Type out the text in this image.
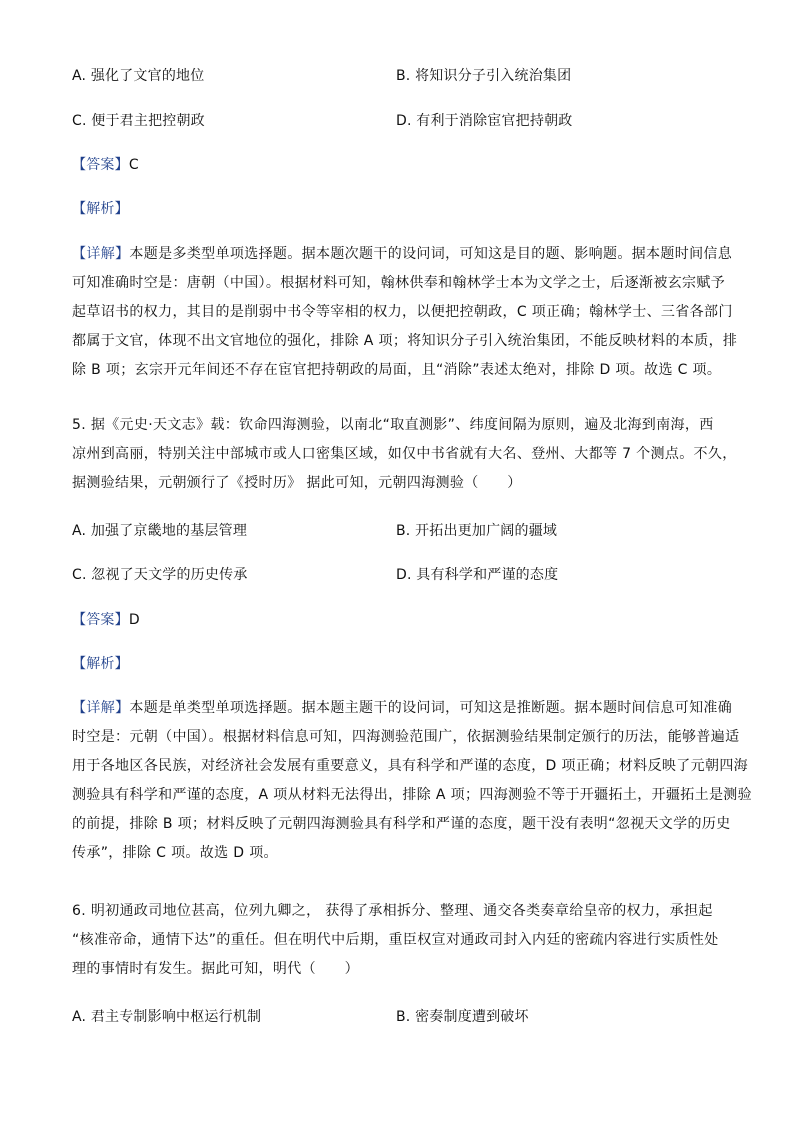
A. 强化了文官的地位	B. 将知识分子引入统治集团
C. 便于君主把控朝政	D. 有利于消除宦官把持朝政
【 答案 】 C
【 解析 】
【 详解 】 本题是多类型单项选择题。据本题次题干的设问词，可知这是目的题、影响题。据本题时间信息
可知准确时空是：唐朝（中国）。根据材料可知，翰林供奉和翰林学士本为文学之士，后逐渐被玄宗赋予
起草诏书的权力，其目的是削弱中书令等宰相的权力，以便把控朝政，C 项正确；翰林学士、三省各部门
都属于文官，体现不出文官地位的强化，排除 A 项；将知识分子引入统治集团，不能反映材料的本质，排
除 B 项；玄宗开元年间还不存在宦官把持朝政的局面，且“消除”表述太绝对，排除 D 项。故选 C 项。
5. 据《元史·天文志》载：钦命四海测验，以南北“取直测影”、纬度间隔为原则，遍及北海到南海，西
凉州到高丽，特别关注中部城市或人口密集区域，如仅中书省就有大名、登州、大都等 7 个测点。不久，
据测验结果，元朝颁行了《授时历》 据此可知，元朝四海测验（　　）
A. 加强了京畿地的基层管理	B. 开拓出更加广阔的疆域
C. 忽视了天文学的历史传承	D. 具有科学和严谨的态度
【 答案 】 D
【 解析 】
【 详解 】 本题是单类型单项选择题。据本题主题干的设问词，可知这是推断题。据本题时间信息可知准确
时空是：元朝（中国）。根据材料信息可知，四海测验范围广，依据测验结果制定颁行的历法，能够普遍适
用于各地区各民族，对经济社会发展有重要意义，具有科学和严谨的态度，D 项正确；材料反映了元朝四海
测验具有科学和严谨的态度，A 项从材料无法得出，排除 A 项；四海测验不等于开疆拓土，开疆拓土是测验
的前提，排除 B 项；材料反映了元朝四海测验具有科学和严谨的态度，题干没有表明“忽视天文学的历史
传承”，排除 C 项。故选 D 项。
6. 明初通政司地位甚高，位列九卿之， 获得了承相拆分、整理、通交各类奏章给皇帝的权力，承担起
“核准帝命，通情下达”的重任。但在明代中后期，重臣权宣对通政司封入内廷的密疏内容进行实质性处
理的事情时有发生。据此可知，明代（　　）
A. 君主专制影响中枢运行机制	B. 密奏制度遭到破坏
